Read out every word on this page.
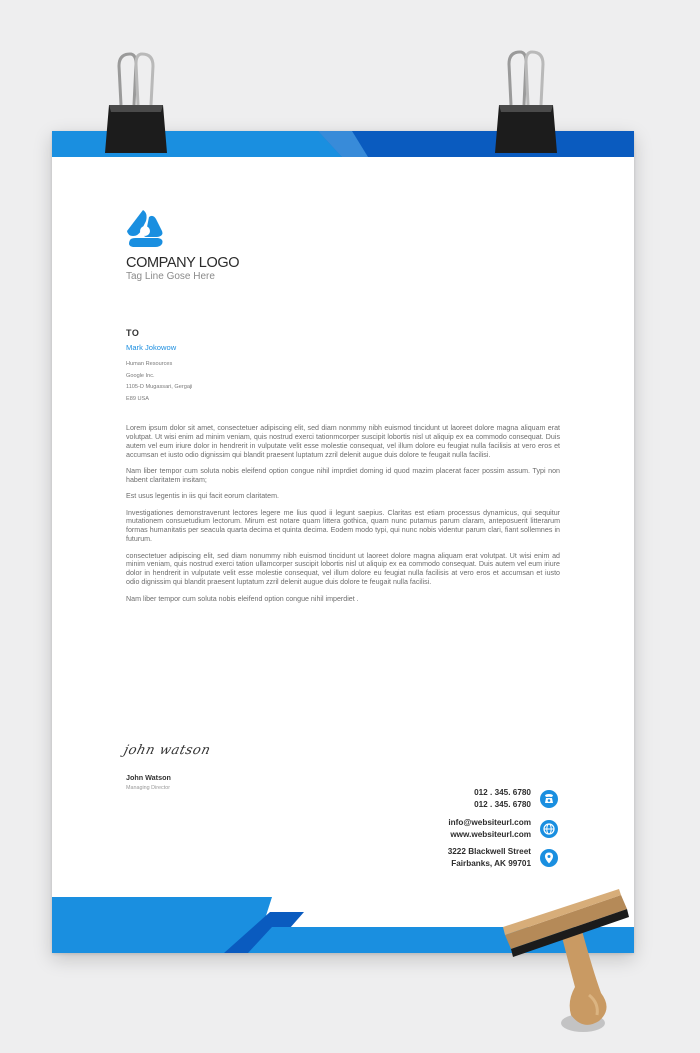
COMPANY LOGO
Tag Line Gose Here
TO
Mark Jokowow
Human Resources
Google Inc.
1105-D Mugassari, Gergaji
E89 USA

Lorem ipsum dolor sit amet, consectetuer adipiscing elit, sed diam nonmmy nibh euismod tincidunt ut laoreet dolore magna aliquam erat volutpat. Ut wisi enim ad minim veniam, quis nostrud exerci tationmcorper suscipit lobortis nisl ut aliquip ex ea commodo consequat. Duis autem vel eum iriure dolor in hendrerit in vulputate velit esse molestie consequat, vel illum dolore eu feugiat nulla facilisis at vero eros et accumsan et iusto odio dignissim qui blandit praesent luptatum zzril delenit augue duis dolore te feugait nulla facilisi.

Nam liber tempor cum soluta nobis eleifend option congue nihil imprdiet doming id quod mazim placerat facer possim assum. Typi non habent claritatem insitam;

Est usus legentis in iis qui facit eorum claritatem.

Investigationes demonstraverunt lectores legere me lius quod ii legunt saepius. Claritas est etiam processus dynamicus, qui sequitur mutationem consuetudium lectorum. Mirum est notare quam littera gothica, quam nunc putamus parum claram, anteposuerit litterarum formas humanitatis per seacula quarta decima et quinta decima. Eodem modo typi, qui nunc nobis videntur parum clari, fiant sollemnes in futurum.

consectetuer adipiscing elit, sed diam nonummy nibh euismod tincidunt ut laoreet dolore magna aliquam erat volutpat. Ut wisi enim ad minim veniam, quis nostrud exerci tation ullamcorper suscipit lobortis nisl ut aliquip ex ea commodo consequat. Duis autem vel eum iriure dolor in hendrerit in vulputate velit esse molestie consequat, vel illum dolore eu feugiat nulla facilisis at vero eros et accumsan et iusto odio dignissim qui blandit praesent luptatum zzril delenit augue duis dolore te feugait nulla facilisi.

Nam liber tempor cum soluta nobis eleifend option congue nihil imperdiet .

john watson
John Watson
Managing Director	012 . 345. 6780
012 . 345. 6780
info@websiteurl.com
www.websiteurl.com
3222 Blackwell Street
Fairbanks, AK 99701
